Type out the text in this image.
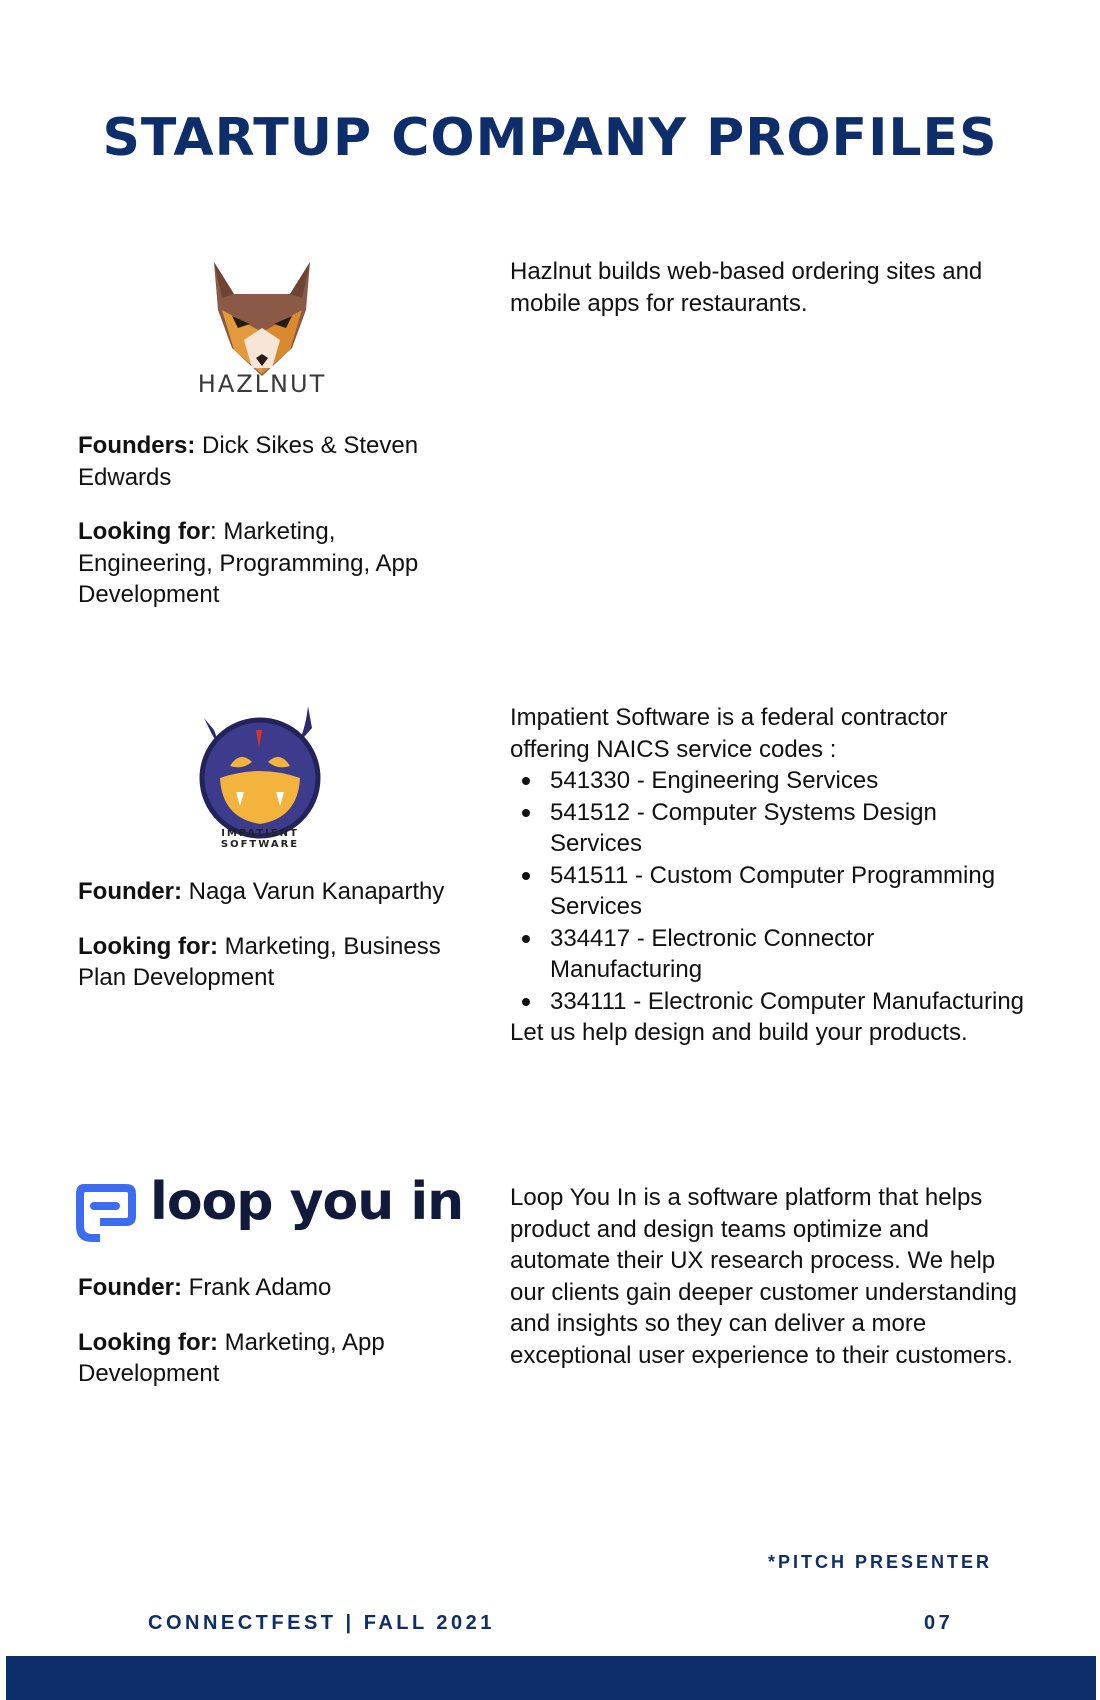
STARTUP COMPANY PROFILES
HAZLNUT

Founders: Dick Sikes & Steven Edwards

Looking for: Marketing, Engineering, Programming, App Development

Hazlnut builds web-based ordering sites and mobile apps for restaurants.

IMPATIENT SOFTWARE

Founder: Naga Varun Kanaparthy

Looking for: Marketing, Business Plan Development

Impatient Software is a federal contractor offering NAICS service codes :

541330 - Engineering Services
541512 - Computer Systems Design Services
541511 - Custom Computer Programming Services
334417 - Electronic Connector Manufacturing
334111 - Electronic Computer Manufacturing

Let us help design and build your products.

loop you in

Founder: Frank Adamo

Looking for: Marketing, App Development

Loop You In is a software platform that helps product and design teams optimize and automate their UX research process. We help our clients gain deeper customer understanding and insights so they can deliver a more exceptional user experience to their customers.

*PITCH PRESENTER
CONNECTFEST | FALL 2021	07
